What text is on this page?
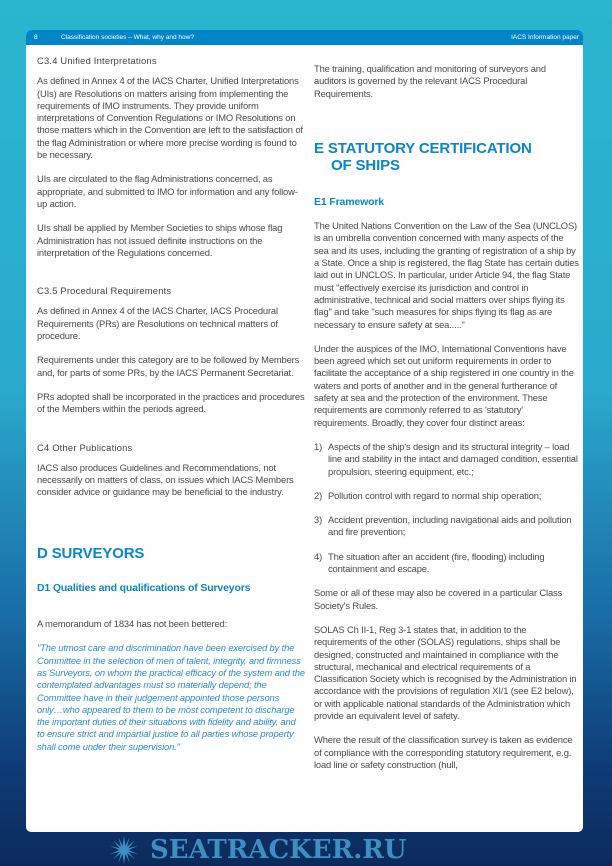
8	Classification societies – What, why and how?	IACS Information paper
C3.4 Unified Interpretations
As defined in Annex 4 of the IACS Charter, Unified Interpretations (UIs) are Resolutions on matters arising from implementing the requirements of IMO instruments. They provide uniform interpretations of Convention Regulations or IMO Resolutions on those matters which in the Convention are left to the satisfaction of the flag Administration or where more precise wording is found to be necessary.
UIs are circulated to the flag Administrations concerned, as appropriate, and submitted to IMO for information and any follow-up action.
UIs shall be applied by Member Societies to ships whose flag Administration has not issued definite instructions on the interpretation of the Regulations concerned.
C3.5 Procedural Requirements
As defined in Annex 4 of the IACS Charter, IACS Procedural Requirements (PRs) are Resolutions on technical matters of procedure.
Requirements under this category are to be followed by Members and, for parts of some PRs, by the IACS Permanent Secretariat.
PRs adopted shall be incorporated in the practices and procedures of the Members within the periods agreed.
C4 Other Publications
IACS also produces Guidelines and Recommendations, not necessarily on matters of class, on issues which IACS Members consider advice or guidance may be beneficial to the industry.
D SURVEYORS
D1 Qualities and qualifications of Surveyors
A memorandum of 1834 has not been bettered:
"The utmost care and discrimination have been exercised by the Committee in the selection of men of talent, integrity, and firmness as Surveyors, on whom the practical efficacy of the system and the contemplated advantages must so materially depend; the Committee have in their judgement appointed those persons only…who appeared to them to be most competent to discharge the important duties of their situations with fidelity and ability, and to ensure strict and impartial justice to all parties whose property shall come under their supervision."
The training, qualification and monitoring of surveyors and auditors is governed by the relevant IACS Procedural Requirements.
E STATUTORY CERTIFICATION
OF SHIPS
E1 Framework
The United Nations Convention on the Law of the Sea (UNCLOS) is an umbrella convention concerned with many aspects of the sea and its uses, including the granting of registration of a ship by a State. Once a ship is registered, the flag State has certain duties laid out in UNCLOS. In particular, under Article 94, the flag State must "effectively exercise its jurisdiction and control in administrative, technical and social matters over ships flying its flag" and take "such measures for ships flying its flag as are necessary to ensure safety at sea....."
Under the auspices of the IMO, International Conventions have been agreed which set out uniform requirements in order to facilitate the acceptance of a ship registered in one country in the waters and ports of another and in the general furtherance of safety at sea and the protection of the environment. These requirements are commonly referred to as 'statutory' requirements. Broadly, they cover four distinct areas:
1) Aspects of the ship's design and its structural integrity – load line and stability in the intact and damaged condition, essential propulsion, steering equipment, etc.;
2) Pollution control with regard to normal ship operation;
3) Accident prevention, including navigational aids and pollution and fire prevention;
4) The situation after an accident (fire, flooding) including containment and escape.
Some or all of these may also be covered in a particular Class Society's Rules.
SOLAS Ch II-1, Reg 3-1 states that, in addition to the requirements of the other (SOLAS) regulations, ships shall be designed, constructed and maintained in compliance with the structural, mechanical and electrical requirements of a Classification Society which is recognised by the Administration in accordance with the provisions of regulation XI/1 (see E2 below), or with applicable national standards of the Administration which provide an equivalent level of safety.
Where the result of the classification survey is taken as evidence of compliance with the corresponding statutory requirement, e.g. load line or safety construction (hull,
SEATRACKER.RU
